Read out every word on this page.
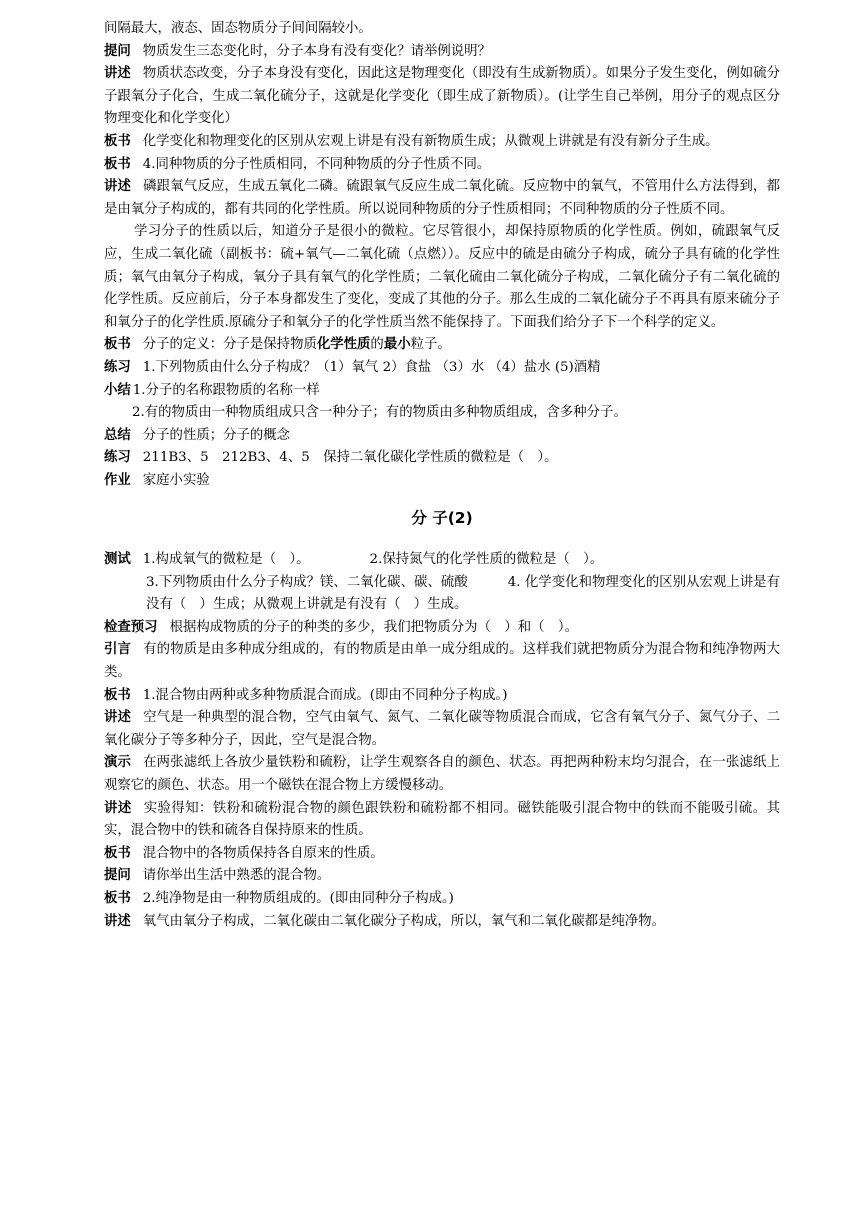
间隔最大，液态、固态物质分子间间隔较小。

提问 物质发生三态变化时，分子本身有没有变化？请举例说明？

讲述 物质状态改变，分子本身没有变化，因此这是物理变化（即没有生成新物质）。如果分子发生变化，例如硫分子跟氧分子化合，生成二氧化硫分子，这就是化学变化（即生成了新物质）。(让学生自己举例，用分子的观点区分物理变化和化学变化）

板书 化学变化和物理变化的区别从宏观上讲是有没有新物质生成；从微观上讲就是有没有新分子生成。

板书 4.同种物质的分子性质相同，不同种物质的分子性质不同。

讲述 磷跟氧气反应，生成五氧化二磷。硫跟氧气反应生成二氧化硫。反应物中的氧气，不管用什么方法得到，都是由氧分子构成的，都有共同的化学性质。所以说同种物质的分子性质相同；不同种物质的分子性质不同。

学习分子的性质以后，知道分子是很小的微粒。它尽管很小，却保持原物质的化学性质。例如，硫跟氧气反应，生成二氧化硫（副板书：硫+氧气—二氧化硫（点燃））。反应中的硫是由硫分子构成，硫分子具有硫的化学性质；氧气由氧分子构成，氧分子具有氧气的化学性质；二氧化硫由二氧化硫分子构成，二氧化硫分子有二氧化硫的化学性质。反应前后，分子本身都发生了变化，变成了其他的分子。那么生成的二氧化硫分子不再具有原来硫分子和氧分子的化学性质.原硫分子和氧分子的化学性质当然不能保持了。下面我们给分子下一个科学的定义。

板书 分子的定义：分子是保持物质化学性质的最小粒子。

练习 1.下列物质由什么分子构成？（1）氧气 2）食盐 （3）水 （4）盐水 (5)酒精

小结 1.分子的名称跟物质的名称一样

2.有的物质由一种物质组成只含一种分子；有的物质由多种物质组成，含多种分子。

总结 分子的性质；分子的概念

练习 211B3、5　212B3、4、5　保持二氧化碳化学性质的微粒是（　）。

作业 家庭小实验

分 子(2)

测试 1.构成氧气的微粒是（　）。	2.保持氮气的化学性质的微粒是（　）。

3.下列物质由什么分子构成？镁、二氧化碳、碳、硫酸	4. 化学变化和物理变化的区别从宏观上讲是有没有（　）生成；从微观上讲就是有没有（　）生成。

检查预习 根据构成物质的分子的种类的多少，我们把物质分为（　）和（　）。

引言 有的物质是由多种成分组成的，有的物质是由单一成分组成的。这样我们就把物质分为混合物和纯净物两大类。

板书 1.混合物由两种或多种物质混合而成。(即由不同种分子构成。)

讲述 空气是一种典型的混合物，空气由氧气、氮气、二氧化碳等物质混合而成，它含有氧气分子、氮气分子、二氧化碳分子等多种分子，因此，空气是混合物。

演示 在两张滤纸上各放少量铁粉和硫粉，让学生观察各自的颜色、状态。再把两种粉末均匀混合，在一张滤纸上观察它的颜色、状态。用一个磁铁在混合物上方缓慢移动。

讲述 实验得知：铁粉和硫粉混合物的颜色跟铁粉和硫粉都不相同。磁铁能吸引混合物中的铁而不能吸引硫。其实，混合物中的铁和硫各自保持原来的性质。

板书 混合物中的各物质保持各自原来的性质。

提问 请你举出生活中熟悉的混合物。

板书 2.纯净物是由一种物质组成的。(即由同种分子构成。)

讲述 氧气由氧分子构成，二氧化碳由二氧化碳分子构成，所以，氧气和二氧化碳都是纯净物。
